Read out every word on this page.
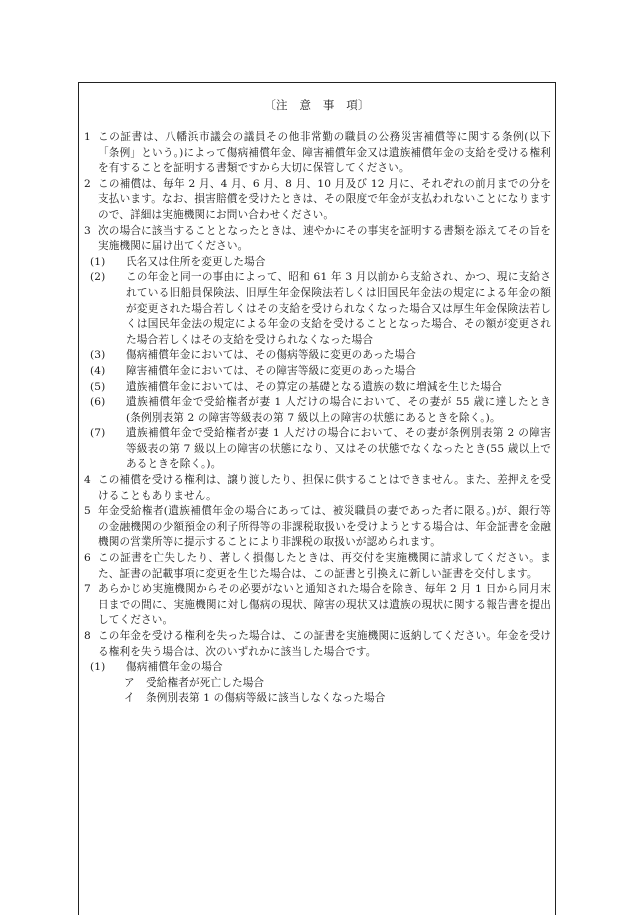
〔注　意　事　項〕
1 この証書は、八幡浜市議会の議員その他非常勤の職員の公務災害補償等に関する条例(以下「条例」という。)によって傷病補償年金、障害補償年金又は遺族補償年金の支給を受ける権利を有することを証明する書類ですから大切に保管してください。
2 この補償は、毎年 2 月、4 月、6 月、8 月、10 月及び 12 月に、それぞれの前月までの分を支払います。なお、損害賠償を受けたときは、その限度で年金が支払われないことになりますので、詳細は実施機関にお問い合わせください。
3 次の場合に該当することとなったときは、速やかにその事実を証明する書類を添えてその旨を実施機関に届け出てください。
(1)	氏名又は住所を変更した場合
(2)	この年金と同一の事由によって、昭和 61 年 3 月以前から支給され、かつ、現に支給されている旧船員保険法、旧厚生年金保険法若しくは旧国民年金法の規定による年金の額が変更された場合若しくはその支給を受けられなくなった場合又は厚生年金保険法若しくは国民年金法の規定による年金の支給を受けることとなった場合、その額が変更された場合若しくはその支給を受けられなくなった場合
(3)	傷病補償年金においては、その傷病等級に変更のあった場合
(4)	障害補償年金においては、その障害等級に変更のあった場合
(5)	遺族補償年金においては、その算定の基礎となる遺族の数に増減を生じた場合
(6)	遺族補償年金で受給権者が妻 1 人だけの場合において、その妻が 55 歳に達したとき(条例別表第 2 の障害等級表の第 7 級以上の障害の状態にあるときを除く。)。
(7)	遺族補償年金で受給権者が妻 1 人だけの場合において、その妻が条例別表第 2 の障害等級表の第 7 級以上の障害の状態になり、又はその状態でなくなったとき(55 歳以上であるときを除く。)。
4 この補償を受ける権利は、譲り渡したり、担保に供することはできません。また、差押えを受けることもありません。
5 年金受給権者(遺族補償年金の場合にあっては、被災職員の妻であった者に限る。)が、銀行等の金融機関の少額預金の利子所得等の非課税取扱いを受けようとする場合は、年金証書を金融機関の営業所等に提示することにより非課税の取扱いが認められます。
6 この証書を亡失したり、著しく損傷したときは、再交付を実施機関に請求してください。また、証書の記載事項に変更を生じた場合は、この証書と引換えに新しい証書を交付します。
7 あらかじめ実施機関からその必要がないと通知された場合を除き、毎年 2 月 1 日から同月末日までの間に、実施機関に対し傷病の現状、障害の現状又は遺族の現状に関する報告書を提出してください。
8 この年金を受ける権利を失った場合は、この証書を実施機関に返納してください。年金を受ける権利を失う場合は、次のいずれかに該当した場合です。
(1)	傷病補償年金の場合
ア	受給権者が死亡した場合
イ	条例別表第 1 の傷病等級に該当しなくなった場合
